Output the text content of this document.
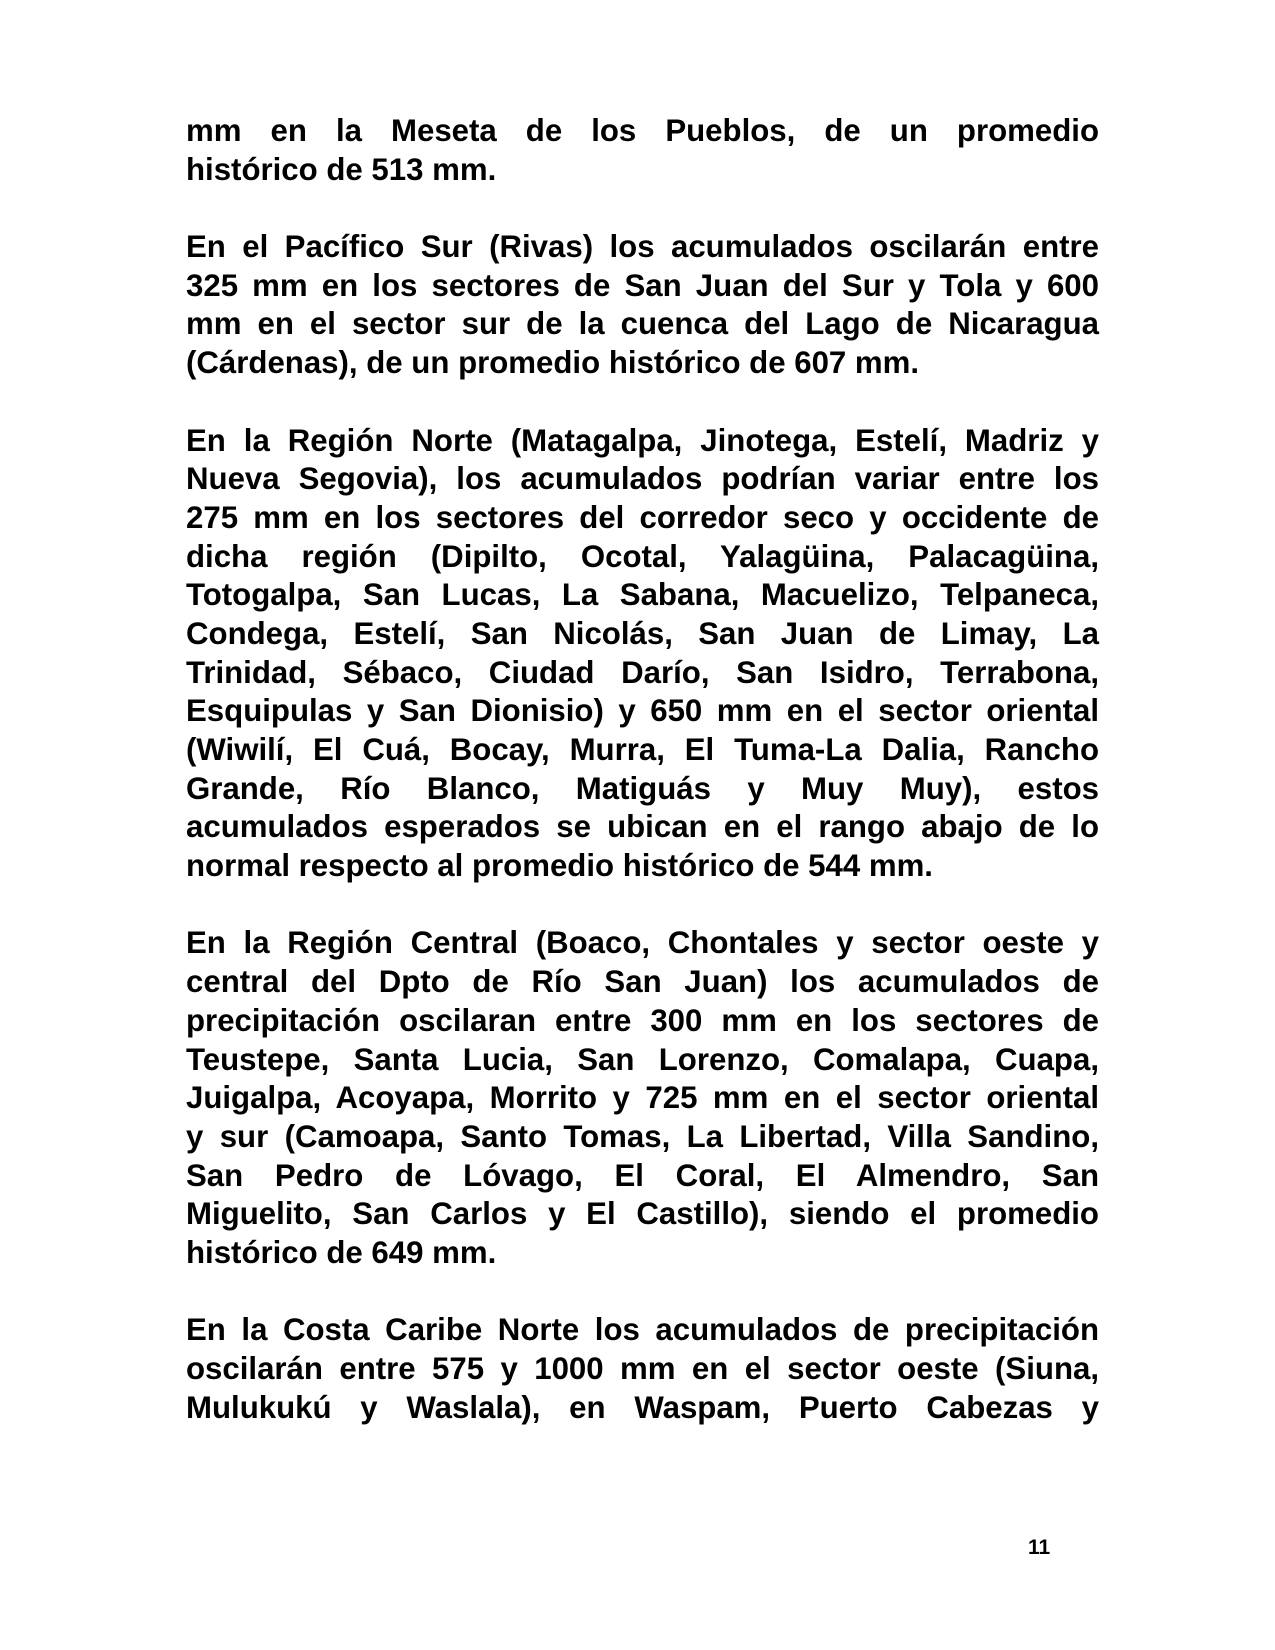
mm en la Meseta de los Pueblos, de un promedio
histórico de 513 mm.
En el Pacífico Sur (Rivas) los acumulados oscilarán entre
325 mm en los sectores de San Juan del Sur y Tola y 600
mm en el sector sur de la cuenca del Lago de Nicaragua
(Cárdenas), de un promedio histórico de 607 mm.
En la Región Norte (Matagalpa, Jinotega, Estelí, Madriz y
Nueva Segovia), los acumulados podrían variar entre los
275 mm en los sectores del corredor seco y occidente de
dicha región (Dipilto, Ocotal, Yalagüina, Palacagüina,
Totogalpa, San Lucas, La Sabana, Macuelizo, Telpaneca,
Condega, Estelí, San Nicolás, San Juan de Limay, La
Trinidad, Sébaco, Ciudad Darío, San Isidro, Terrabona,
Esquipulas y San Dionisio) y 650 mm en el sector oriental
(Wiwilí, El Cuá, Bocay, Murra, El Tuma-La Dalia, Rancho
Grande, Río Blanco, Matiguás y Muy Muy), estos
acumulados esperados se ubican en el rango abajo de lo
normal respecto al promedio histórico de 544 mm.
En la Región Central (Boaco, Chontales y sector oeste y
central del Dpto de Río San Juan) los acumulados de
precipitación oscilaran entre 300 mm en los sectores de
Teustepe, Santa Lucia, San Lorenzo, Comalapa, Cuapa,
Juigalpa, Acoyapa, Morrito y 725 mm en el sector oriental
y sur (Camoapa, Santo Tomas, La Libertad, Villa Sandino,
San Pedro de Lóvago, El Coral, El Almendro, San
Miguelito, San Carlos y El Castillo), siendo el promedio
histórico de 649 mm.
En la Costa Caribe Norte los acumulados de precipitación
oscilarán entre 575 y 1000 mm en el sector oeste (Siuna,
Mulukukú y Waslala), en Waspam, Puerto Cabezas y
11
